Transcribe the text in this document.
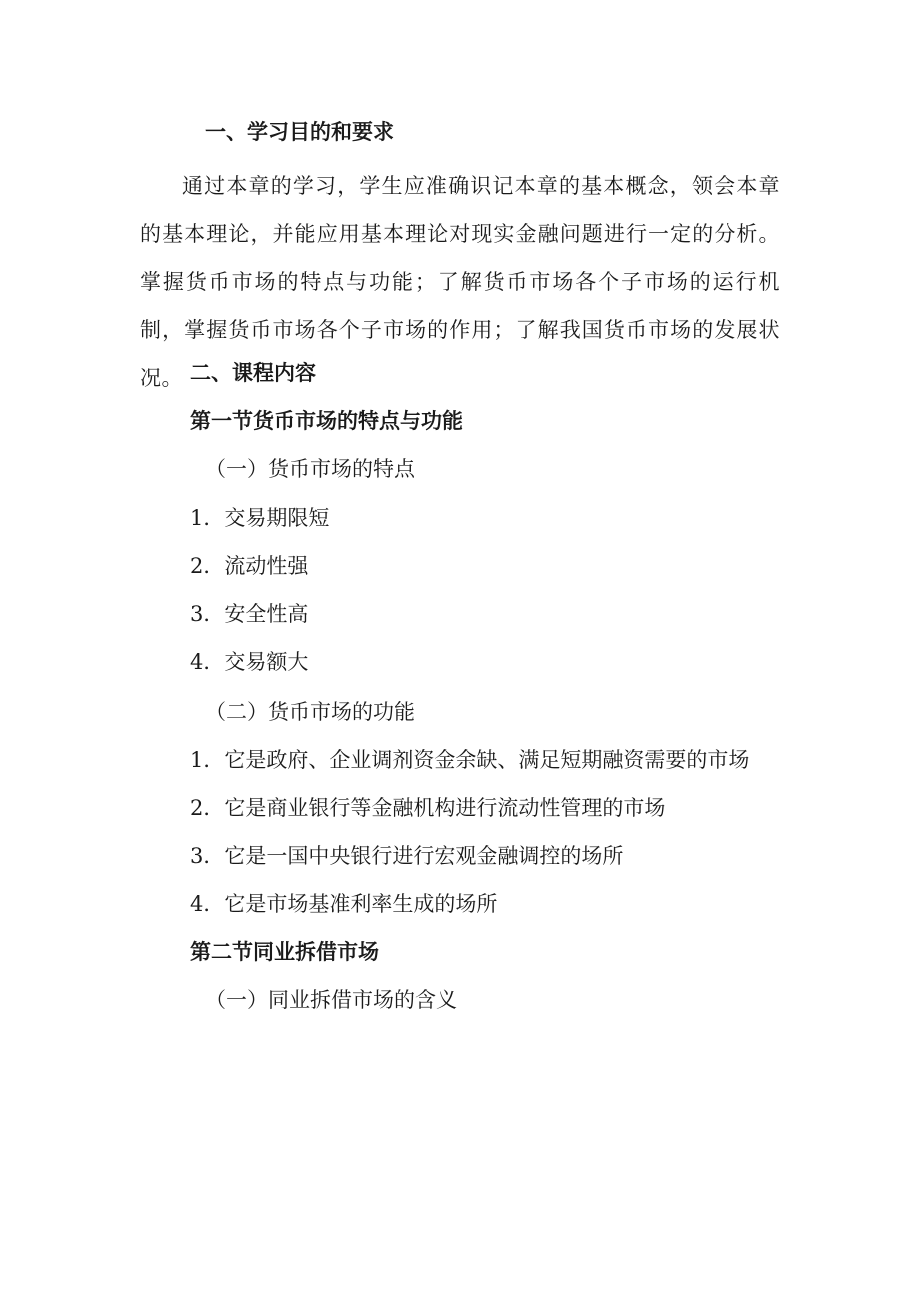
一、学习目的和要求
通过本章的学习，学生应准确识记本章的基本概念，领会本章的基本理论，并能应用基本理论对现实金融问题进行一定的分析。掌握货币市场的特点与功能；了解货币市场各个子市场的运行机制，掌握货币市场各个子市场的作用；了解我国货币市场的发展状况。 二、课程内容
第一节货币市场的特点与功能
（一）货币市场的特点
1．交易期限短
2．流动性强
3．安全性高
4．交易额大
（二）货币市场的功能
1．它是政府、企业调剂资金余缺、满足短期融资需要的市场
2．它是商业银行等金融机构进行流动性管理的市场
3．它是一国中央银行进行宏观金融调控的场所
4．它是市场基准利率生成的场所
第二节同业拆借市场
（一）同业拆借市场的含义
